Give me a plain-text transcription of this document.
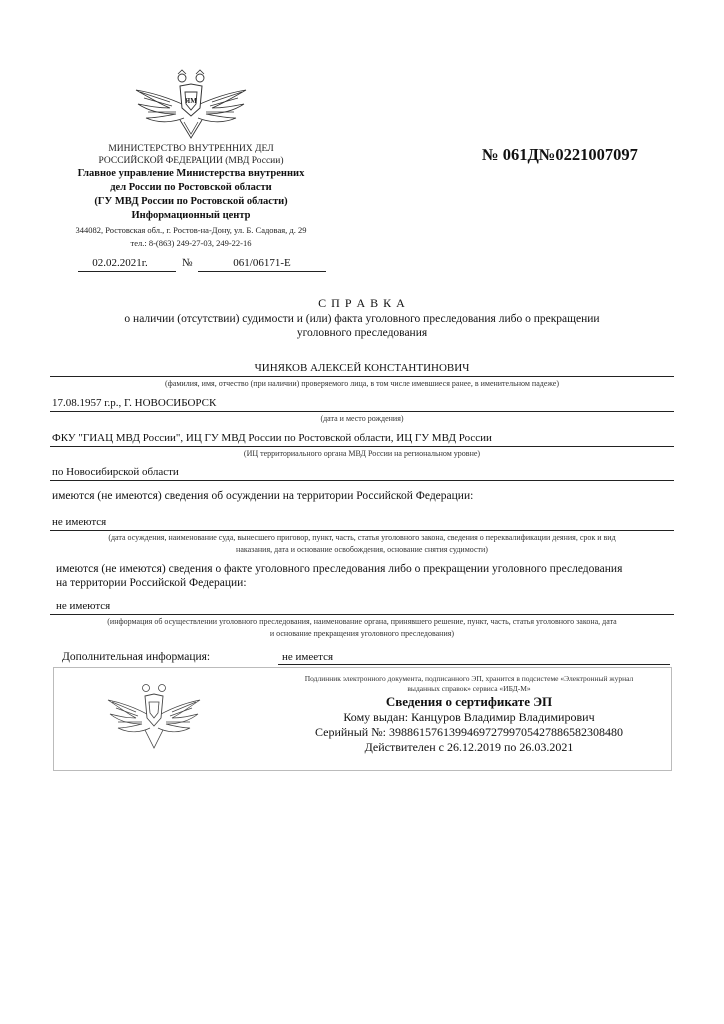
ЯМ
МИНИСТЕРСТВО ВНУТРЕННИХ ДЕЛ
РОССИЙСКОЙ ФЕДЕРАЦИИ (МВД России)
Главное управление Министерства внутренних
дел России по Ростовской области
(ГУ МВД России по Ростовской области)
Информационный центр
344082, Ростовская обл., г. Ростов-на-Дону, ул. Б. Садовая, д. 29
тел.: 8-(863) 249-27-03, 249-22-16
02.02.2021г.	№	061/06171-Е
№ 061Д№0221007097
С П Р А В К А
о наличии (отсутствии) судимости и (или) факта уголовного преследования либо о прекращении
уголовного преследования
ЧИНЯКОВ АЛЕКСЕЙ КОНСТАНТИНОВИЧ
(фамилия, имя, отчество (при наличии) проверяемого лица, в том числе имевшиеся ранее, в именительном падеже)
17.08.1957 г.р., Г. НОВОСИБОРСК
(дата и место рождения)
ФКУ "ГИАЦ МВД России", ИЦ ГУ МВД России по Ростовской области, ИЦ ГУ МВД России
(ИЦ территориального органа МВД России на региональном уровне)
по Новосибирской области
имеются (не имеются) сведения об осуждении на территории Российской Федерации:
не имеются
(дата осуждения, наименование суда, вынесшего приговор, пункт, часть, статья уголовного закона, сведения о переквалификации деяния, срок и вид
наказания, дата и основание освобождения, основание снятия судимости)
имеются (не имеются) сведения о факте уголовного преследования либо о прекращении уголовного преследования
на территории Российской Федерации:
не имеются
(информация об осуществлении уголовного преследования, наименование органа, принявшего решение, пункт, часть, статья уголовного закона, дата
и основание прекращения уголовного преследования)
Дополнительная информация:	не имеется
Подлинник электронного документа, подписанного ЭП, хранится в подсистеме «Электронный журнал
выданных справок» сервиса «ИБД-М»
Сведения о сертификате ЭП
Кому выдан: Канцуров Владимир Владимирович
Серийный №: 39886157613994697279970542788658230848​0
Действителен с 26.12.2019 по 26.03.2021
